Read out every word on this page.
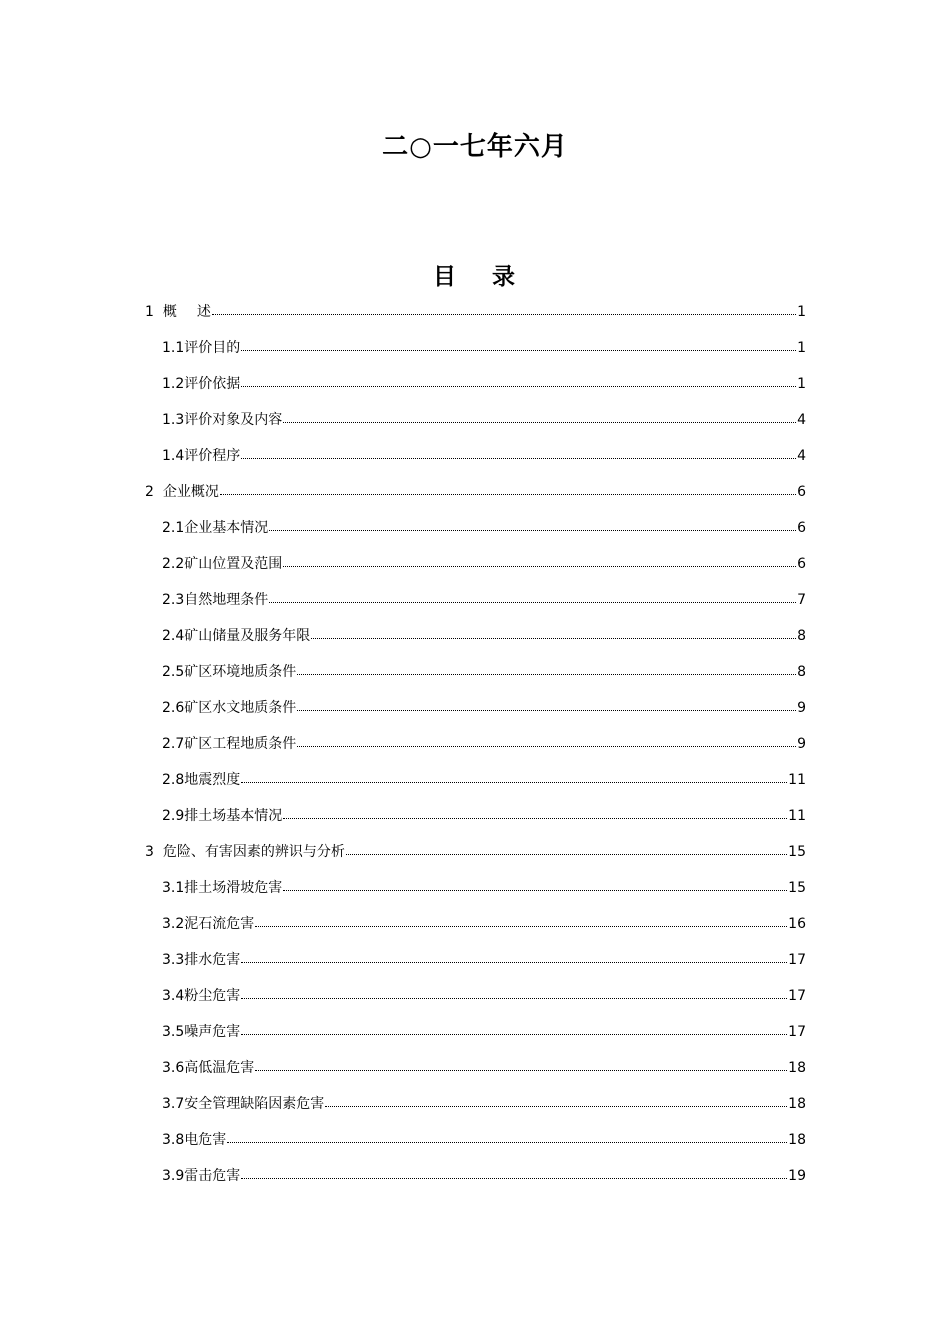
二○一七年六月
目 录
1 概 述	1
1.1 评价目的	1
1.2 评价依据	1
1.3 评价对象及内容	4
1.4 评价程序	4
2 企业概况	6
2.1 企业基本情况	6
2.2 矿山位置及范围	6
2.3 自然地理条件	7
2.4 矿山储量及服务年限	8
2.5 矿区环境地质条件	8
2.6 矿区水文地质条件	9
2.7 矿区工程地质条件	9
2.8 地震烈度	11
2.9 排土场基本情况	11
3 危险、有害因素的辨识与分析	15
3.1 排土场滑坡危害	15
3.2 泥石流危害	16
3.3 排水危害	17
3.4 粉尘危害	17
3.5 噪声危害	17
3.6 高低温危害	18
3.7 安全管理缺陷因素危害	18
3.8 电危害	18
3.9 雷击危害	19
